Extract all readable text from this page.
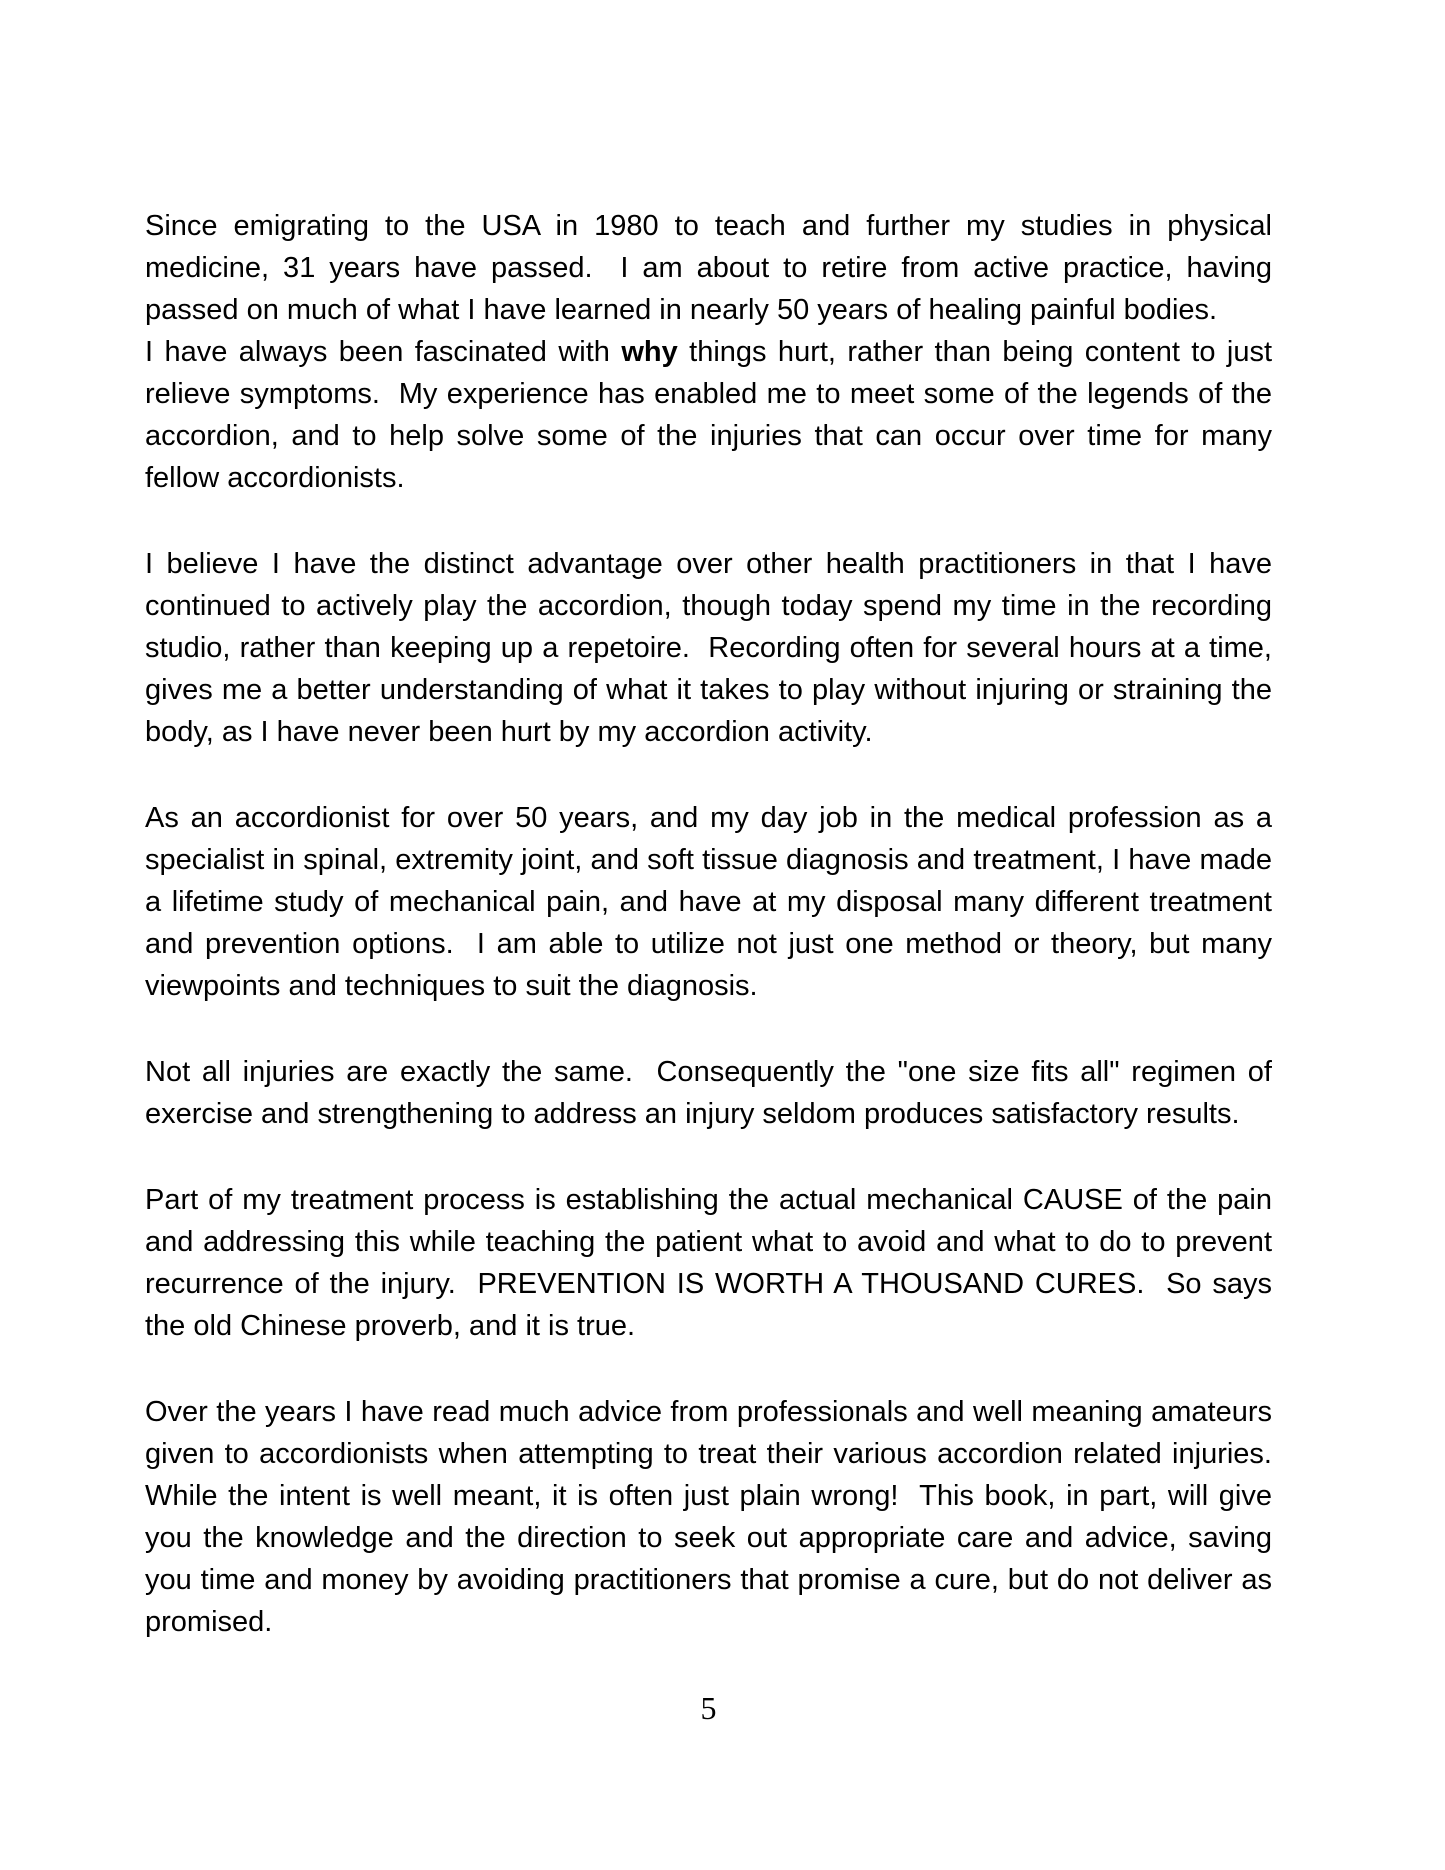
Since emigrating to the USA in 1980 to teach and further my studies in physical medicine, 31 years have passed.  I am about to retire from active practice, having passed on much of what I have learned in nearly 50 years of healing painful bodies.
I have always been fascinated with why things hurt, rather than being content to just relieve symptoms.  My experience has enabled me to meet some of the legends of the accordion, and to help solve some of the injuries that can occur over time for many fellow accordionists.

I believe I have the distinct advantage over other health practitioners in that I have continued to actively play the accordion, though today spend my time in the recording studio, rather than keeping up a repetoire.  Recording often for several hours at a time, gives me a better understanding of what it takes to play without injuring or straining the body, as I have never been hurt by my accordion activity.

As an accordionist for over 50 years, and my day job in the medical profession as a specialist in spinal, extremity joint, and soft tissue diagnosis and treatment, I have made a lifetime study of mechanical pain, and have at my disposal many different treatment and prevention options.  I am able to utilize not just one method or theory, but many viewpoints and techniques to suit the diagnosis.

Not all injuries are exactly the same.  Consequently the "one size fits all" regimen of exercise and strengthening to address an injury seldom produces satisfactory results.

Part of my treatment process is establishing the actual mechanical CAUSE of the pain and addressing this while teaching the patient what to avoid and what to do to prevent recurrence of the injury.  PREVENTION IS WORTH A THOUSAND CURES.  So says the old Chinese proverb, and it is true.

Over the years I have read much advice from professionals and well meaning amateurs given to accordionists when attempting to treat their various accordion related injuries.  While the intent is well meant, it is often just plain wrong!  This book, in part, will give you the knowledge and the direction to seek out appropriate care and advice, saving you time and money by avoiding practitioners that promise a cure, but do not deliver as promised.

5
